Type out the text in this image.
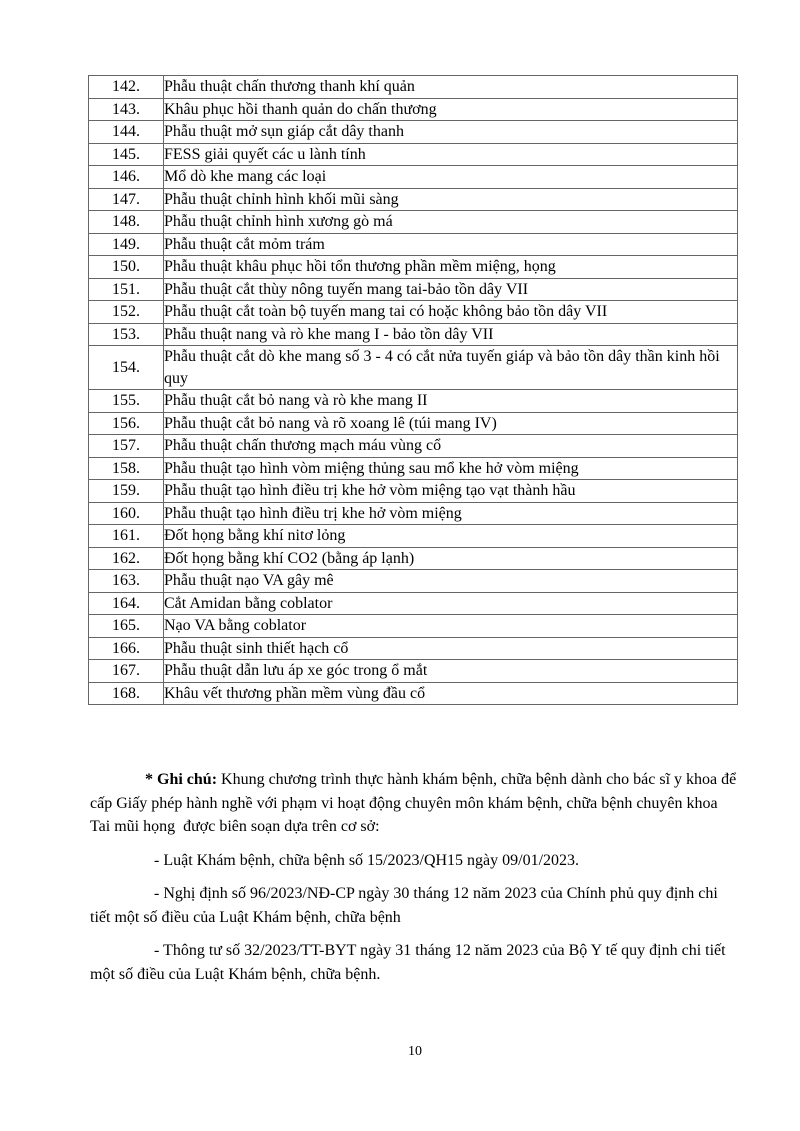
142.	Phẫu thuật chấn thương thanh khí quản
143.	Khâu phục hồi thanh quản do chấn thương
144.	Phẫu thuật mở sụn giáp cắt dây thanh
145.	FESS giải quyết các u lành tính
146.	Mổ dò khe mang các loại
147.	Phẫu thuật chỉnh hình khối mũi sàng
148.	Phẫu thuật chỉnh hình xương gò má
149.	Phẫu thuật cắt mỏm trám
150.	Phẫu thuật khâu phục hồi tổn thương phần mềm miệng, họng
151.	Phẫu thuật cắt thùy nông tuyến mang tai-bảo tồn dây VII
152.	Phẫu thuật cắt toàn bộ tuyến mang tai có hoặc không bảo tồn dây VII
153.	Phẫu thuật nang và rò khe mang I - bảo tồn dây VII
154.	Phẫu thuật cắt dò khe mang số 3 - 4 có cắt nửa tuyến giáp và bảo tồn dây thần kinh hồi quy
155.	Phẫu thuật cắt bỏ nang và rò khe mang II
156.	Phẫu thuật cắt bỏ nang và rõ xoang lê (túi mang IV)
157.	Phẫu thuật chấn thương mạch máu vùng cổ
158.	Phẫu thuật tạo hình vòm miệng thủng sau mổ khe hở vòm miệng
159.	Phẫu thuật tạo hình điều trị khe hở vòm miệng tạo vạt thành hầu
160.	Phẫu thuật tạo hình điều trị khe hở vòm miệng
161.	Đốt họng bằng khí nitơ lỏng
162.	Đốt họng bằng khí CO2 (bằng áp lạnh)
163.	Phẫu thuật nạo VA gây mê
164.	Cắt Amidan bằng coblator
165.	Nạo VA bằng coblator
166.	Phẫu thuật sinh thiết hạch cổ
167.	Phẫu thuật dẫn lưu áp xe góc trong ổ mắt
168.	Khâu vết thương phần mềm vùng đầu cổ

* Ghi chú: Khung chương trình thực hành khám bệnh, chữa bệnh dành cho bác sĩ y khoa để cấp Giấy phép hành nghề với phạm vi hoạt động chuyên môn khám bệnh, chữa bệnh chuyên khoa Tai mũi họng  được biên soạn dựa trên cơ sở:

- Luật Khám bệnh, chữa bệnh số 15/2023/QH15 ngày 09/01/2023.

- Nghị định số 96/2023/NĐ-CP ngày 30 tháng 12 năm 2023 của Chính phủ quy định chi tiết một số điều của Luật Khám bệnh, chữa bệnh

- Thông tư số 32/2023/TT-BYT ngày 31 tháng 12 năm 2023 của Bộ Y tế quy định chi tiết một số điều của Luật Khám bệnh, chữa bệnh.

10
